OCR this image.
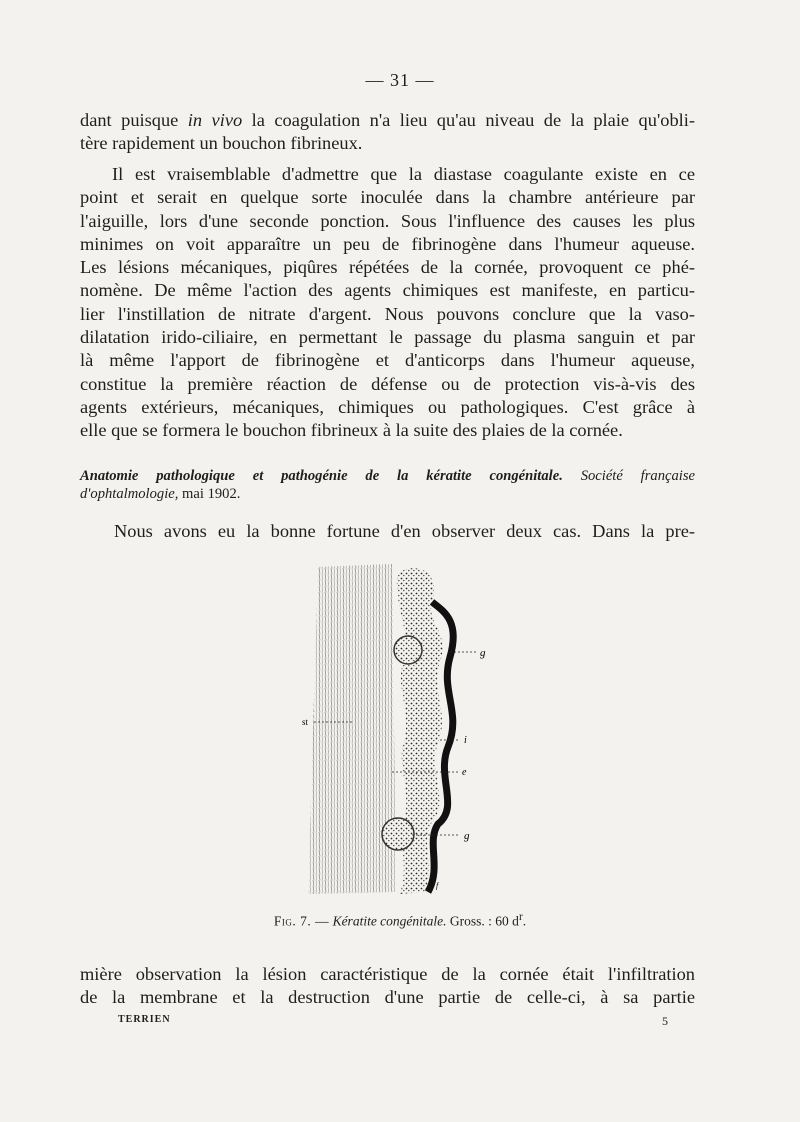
— 31 —

dant puisque in vivo la coagulation n'a lieu qu'au niveau de la plaie qu'obli-
tère rapidement un bouchon fibrineux.

Il est vraisemblable d'admettre que la diastase coagulante existe en ce
point et serait en quelque sorte inoculée dans la chambre antérieure par
l'aiguille, lors d'une seconde ponction. Sous l'influence des causes les plus
minimes on voit apparaître un peu de fibrinogène dans l'humeur aqueuse.
Les lésions mécaniques, piqûres répétées de la cornée, provoquent ce phé-
nomène. De même l'action des agents chimiques est manifeste, en particu-
lier l'instillation de nitrate d'argent. Nous pouvons conclure que la vaso-
dilatation irido-ciliaire, en permettant le passage du plasma sanguin et par
là même l'apport de fibrinogène et d'anticorps dans l'humeur aqueuse,
constitue la première réaction de défense ou de protection vis-à-vis des
agents extérieurs, mécaniques, chimiques ou pathologiques. C'est grâce à
elle que se formera le bouchon fibrineux à la suite des plaies de la cornée.

Anatomie pathologique et pathogénie de la kératite congénitale. Société française
d'ophtalmologie, mai 1902.

Nous avons eu la bonne fortune d'en observer deux cas. Dans la pre-

g
st
i
e
g
f
Fig. 7. — Kératite congénitale. Gross. : 60 $d^r$.

mière observation la lésion caractéristique de la cornée était l'infiltration
de la membrane et la destruction d'une partie de celle-ci, à sa partie

TERRIEN	5
